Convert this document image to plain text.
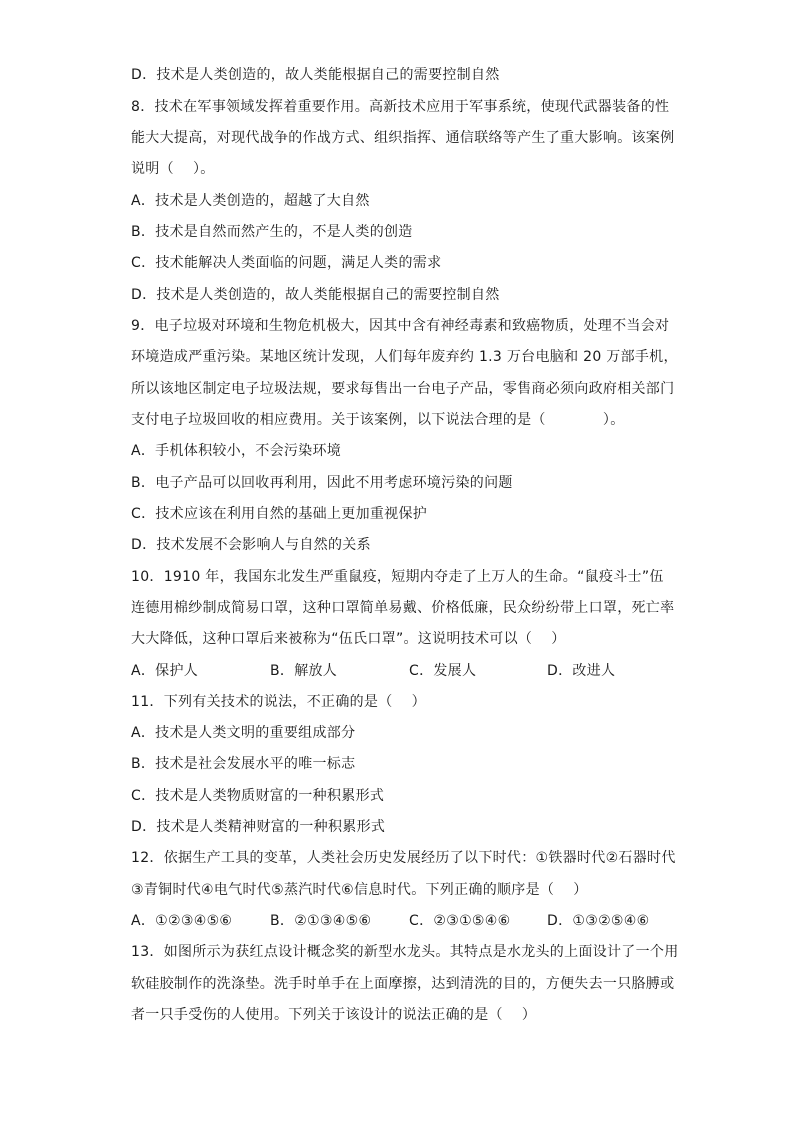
D．技术是人类创造的，故人类能根据自己的需要控制自然
8．技术在军事领域发挥着重要作用。高新技术应用于军事系统，使现代武器装备的性
能大大提高，对现代战争的作战方式、组织指挥、通信联络等产生了重大影响。该案例
说明（　 ）。
A．技术是人类创造的，超越了大自然
B．技术是自然而然产生的，不是人类的创造
C．技术能解决人类面临的问题，满足人类的需求
D．技术是人类创造的，故人类能根据自己的需要控制自然
9．电子垃圾对环境和生物危机极大，因其中含有神经毒素和致癌物质，处理不当会对
环境造成严重污染。某地区统计发现，人们每年废弃约 1.3 万台电脑和 20 万部手机，
所以该地区制定电子垃圾法规，要求每售出一台电子产品，零售商必须向政府相关部门
支付电子垃圾回收的相应费用。关于该案例，以下说法合理的是（　　　　）。
A．手机体积较小，不会污染环境
B．电子产品可以回收再利用，因此不用考虑环境污染的问题
C．技术应该在利用自然的基础上更加重视保护
D．技术发展不会影响人与自然的关系
10．1910 年，我国东北发生严重鼠疫，短期内夺走了上万人的生命。“鼠疫斗士”伍
连德用棉纱制成简易口罩，这种口罩简单易戴、价格低廉，民众纷纷带上口罩，死亡率
大大降低，这种口罩后来被称为“伍氏口罩”。这说明技术可以（　 ）
A．保护人	B．解放人	C．发展人	D．改进人
11．下列有关技术的说法，不正确的是（　 ）
A．技术是人类文明的重要组成部分
B．技术是社会发展水平的唯一标志
C．技术是人类物质财富的一种积累形式
D．技术是人类精神财富的一种积累形式
12．依据生产工具的变革，人类社会历史发展经历了以下时代：①铁器时代②石器时代
③青铜时代④电气时代⑤蒸汽时代⑥信息时代。下列正确的顺序是（　 ）
A．①②③④⑤⑥	B．②①③④⑤⑥	C．②③①⑤④⑥	D．①③②⑤④⑥
13．如图所示为获红点设计概念奖的新型水龙头。其特点是水龙头的上面设计了一个用
软硅胶制作的洗涤垫。洗手时单手在上面摩擦，达到清洗的目的，方便失去一只胳膊或
者一只手受伤的人使用。下列关于该设计的说法正确的是（　 ）
